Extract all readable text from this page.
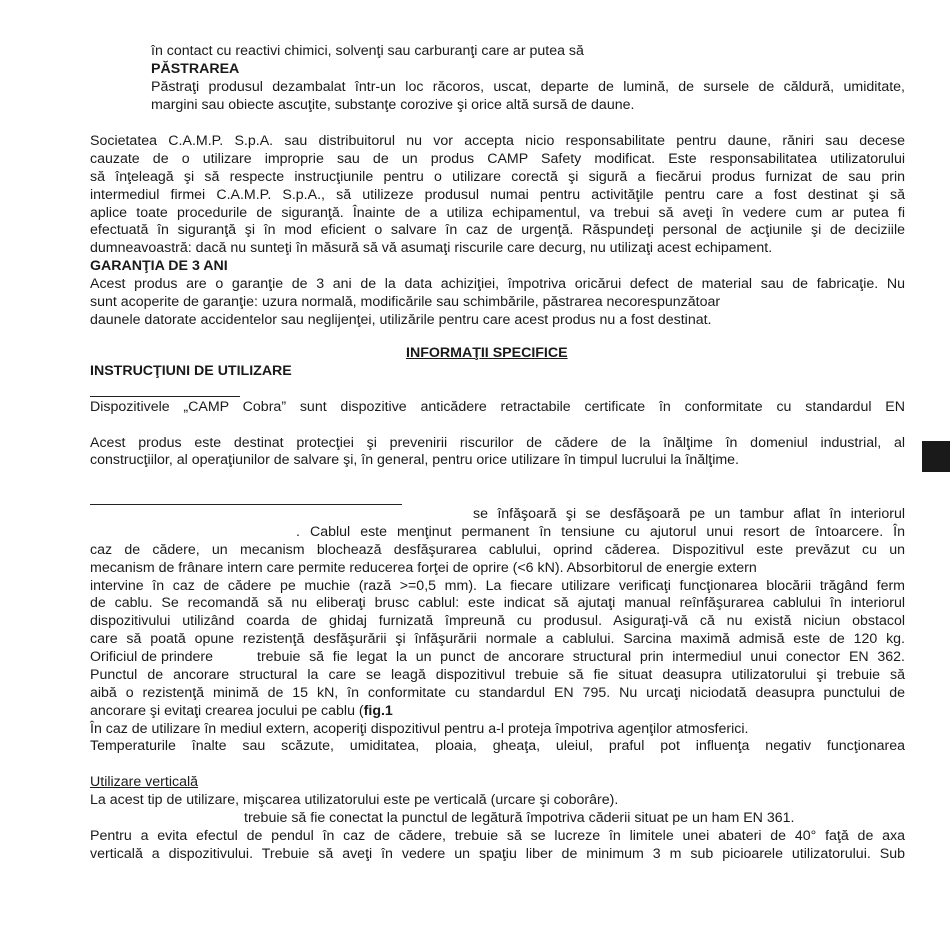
în contact cu reactivi chimici, solvenţi sau carburanţi care ar putea să
PĂSTRAREA
Păstraţi produsul dezambalat într-un loc răcoros, uscat, departe de lumină, de sursele de căldură, umiditate,
margini sau obiecte ascuţite, substanţe corozive şi orice altă sursă de daune.
Societatea C.A.M.P. S.p.A. sau distribuitorul nu vor accepta nicio responsabilitate pentru daune, răniri sau decese
cauzate de o utilizare improprie sau de un produs CAMP Safety modificat. Este responsabilitatea utilizatorului
să înţeleagă şi să respecte instrucţiunile pentru o utilizare corectă şi sigură a fiecărui produs furnizat de sau prin
intermediul firmei C.A.M.P. S.p.A., să utilizeze produsul numai pentru activităţile pentru care a fost destinat şi să
aplice toate procedurile de siguranţă. Înainte de a utiliza echipamentul, va trebui să aveţi în vedere cum ar putea fi
efectuată în siguranţă şi în mod eficient o salvare în caz de urgenţă. Răspundeţi personal de acţiunile şi de deciziile
dumneavoastră: dacă nu sunteţi în măsură să vă asumaţi riscurile care decurg, nu utilizaţi acest echipament.
GARANŢIA DE 3 ANI
Acest produs are o garanţie de 3 ani de la data achiziţiei, împotriva oricărui defect de material sau de fabricaţie. Nu
sunt acoperite de garanţie: uzura normală, modificările sau schimbările, păstrarea necorespunzătoar
daunele datorate accidentelor sau neglijenţei, utilizările pentru care acest produs nu a fost destinat.
INFORMAŢII SPECIFICE
INSTRUCŢIUNI DE UTILIZARE
Dispozitivele „CAMP Cobra” sunt dispozitive anticădere retractabile certificate în conformitate cu standardul EN
Acest produs este destinat protecţiei şi prevenirii riscurilor de cădere de la înălţime în domeniul industrial, al
construcţiilor, al operaţiunilor de salvare şi, în general, pentru orice utilizare în timpul lucrului la înălţime.
se înfăşoară şi se desfăşoară pe un tambur aflat în interiorul
. Cablul este menţinut permanent în tensiune cu ajutorul unui resort de întoarcere. În
caz de cădere, un mecanism blochează desfăşurarea cablului, oprind căderea. Dispozitivul este prevăzut cu un
mecanism de frânare intern care permite reducerea forţei de oprire (<6 kN). Absorbitorul de energie extern
intervine în caz de cădere pe muchie (rază >=0,5 mm). La fiecare utilizare verificaţi funcţionarea blocării trăgând ferm
de cablu. Se recomandă să nu eliberaţi brusc cablul: este indicat să ajutaţi manual reînfăşurarea cablului în interiorul
dispozitivului utilizând coarda de ghidaj furnizată împreună cu produsul. Asiguraţi-vă că nu există niciun obstacol
care să poată opune rezistenţă desfăşurării şi înfăşurării normale a cablului. Sarcina maximă admisă este de 120 kg.
Orificiul de prindere	trebuie să fie legat la un punct de ancorare structural prin intermediul unui conector EN 362.
Punctul de ancorare structural la care se leagă dispozitivul trebuie să fie situat deasupra utilizatorului şi trebuie să
aibă o rezistenţă minimă de 15 kN, în conformitate cu standardul EN 795. Nu urcaţi niciodată deasupra punctului de
ancorare şi evitaţi crearea jocului pe cablu (fig.1
În caz de utilizare în mediul extern, acoperiţi dispozitivul pentru a-l proteja împotriva agenţilor atmosferici.
Temperaturile înalte sau scăzute, umiditatea, ploaia, gheaţa, uleiul, praful pot influenţa negativ funcţionarea
Utilizare verticală
La acest tip de utilizare, mişcarea utilizatorului este pe verticală (urcare şi coborâre).
trebuie să fie conectat la punctul de legătură împotriva căderii situat pe un ham EN 361.
Pentru a evita efectul de pendul în caz de cădere, trebuie să se lucreze în limitele unei abateri de 40° faţă de axa
verticală a dispozitivului. Trebuie să aveţi în vedere un spaţiu liber de minimum 3 m sub picioarele utilizatorului. Sub
